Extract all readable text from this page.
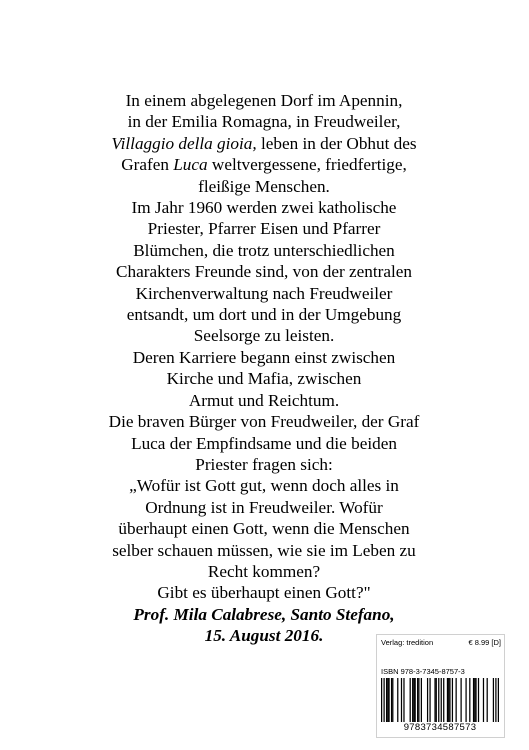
In einem abgelegenen Dorf im Apennin,
in der Emilia Romagna, in Freudweiler,
Villaggio della gioia, leben in der Obhut des
Grafen Luca weltvergessene, friedfertige,
fleißige Menschen.
Im Jahr 1960 werden zwei katholische
Priester, Pfarrer Eisen und Pfarrer
Blümchen, die trotz unterschiedlichen
Charakters Freunde sind, von der zentralen
Kirchenverwaltung nach Freudweiler
entsandt, um dort und in der Umgebung
Seelsorge zu leisten.
Deren Karriere begann einst zwischen
Kirche und Mafia, zwischen
Armut und Reichtum.
Die braven Bürger von Freudweiler, der Graf
Luca der Empfindsame und die beiden
Priester fragen sich:
„Wofür ist Gott gut, wenn doch alles in
Ordnung ist in Freudweiler. Wofür
überhaupt einen Gott, wenn die Menschen
selber schauen müssen, wie sie im Leben zu
Recht kommen?
Gibt es überhaupt einen Gott?"
Prof. Mila Calabrese, Santo Stefano,
15. August 2016.	Verlag: tredition	€ 8.99 [D]
ISBN 978-3-7345-8757-3
9783734587573
